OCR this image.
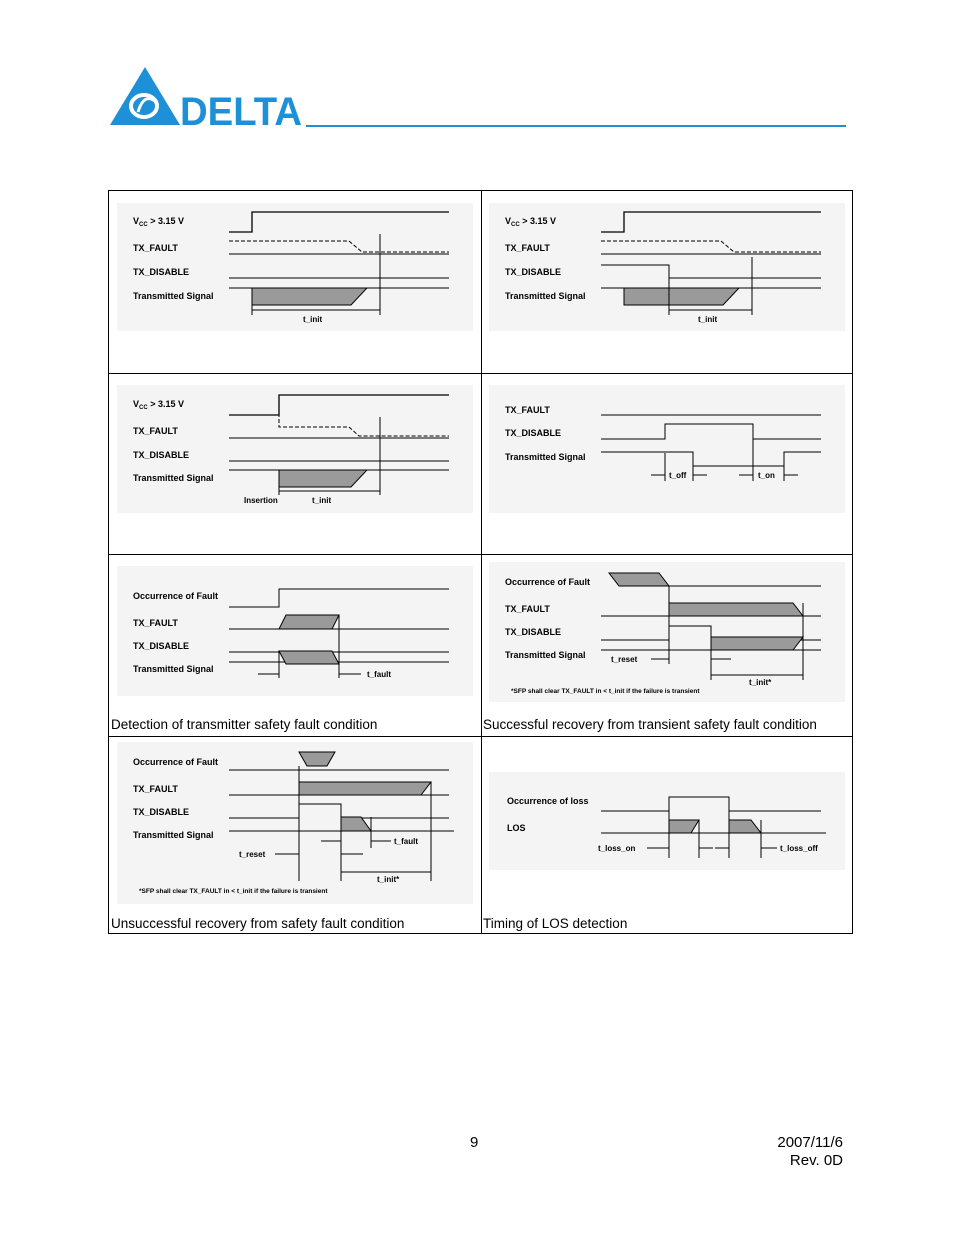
DELTA
$V_{CC} > 3.15$ V
TX_FAULT
TX_DISABLE
Transmitted Signal
t_init
$V_{CC} > 3.15$ V
TX_FAULT
TX_DISABLE
Transmitted Signal
t_init
$V_{CC} > 3.15$ V
TX_FAULT
TX_DISABLE
Transmitted Signal
Insertion	t_init
TX_FAULT
TX_DISABLE
Transmitted Signal
t_off	t_on
Occurrence of Fault
TX_FAULT
TX_DISABLE
Transmitted Signal
t_fault
Detection of transmitter safety fault condition
Occurrence of Fault
TX_FAULT
TX_DISABLE
Transmitted Signal	t_reset
t_init*
*SFP shall clear TX_FAULT in < t_init if the failure is transient
Successful recovery from transient safety fault condition
Occurrence of Fault
TX_FAULT
TX_DISABLE
Transmitted Signal
t_fault
t_reset
t_init*
*SFP shall clear TX_FAULT in < t_init if the failure is transient
Unsuccessful recovery from safety fault condition
Occurrence of loss
LOS
t_loss_on	t_loss_off
Timing of LOS detection
9	2007/11/6
Rev. 0D
